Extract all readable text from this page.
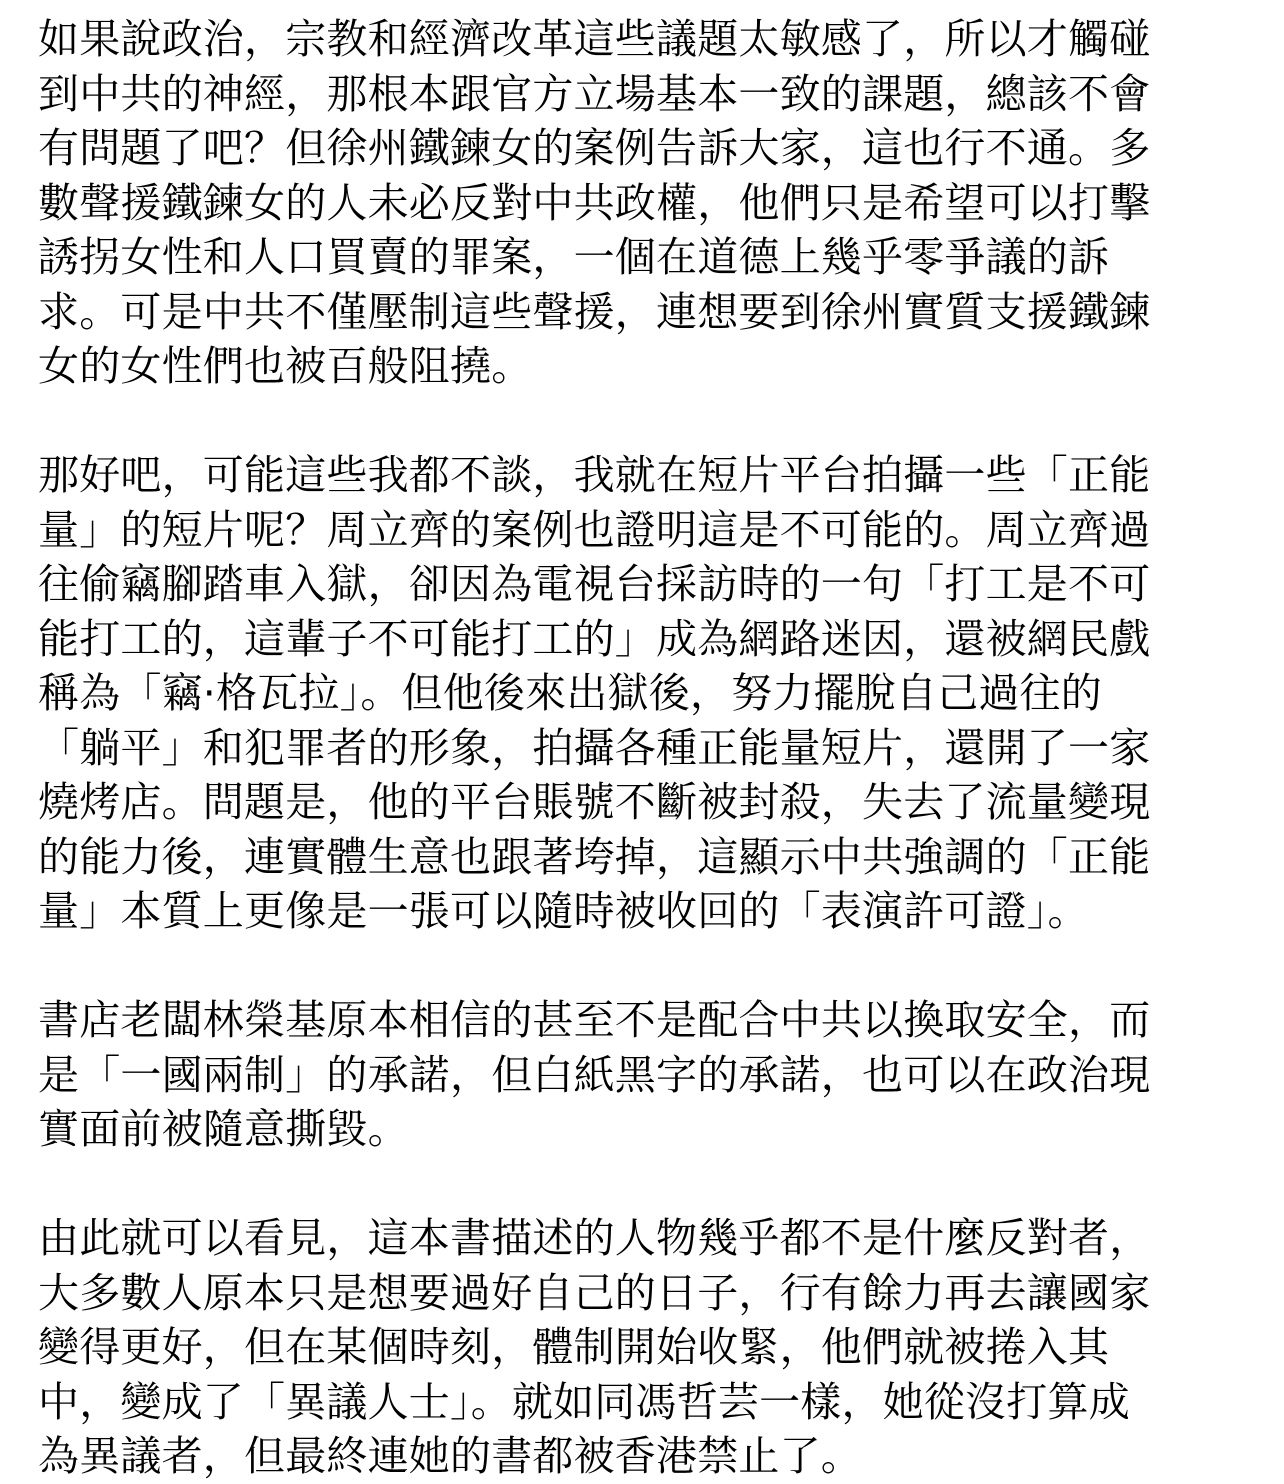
如果說政治，宗教和經濟改革這些議題太敏感了，所以才觸碰
到中共的神經，那根本跟官方立場基本一致的課題，總該不會
有問題了吧？但徐州鐵鍊女的案例告訴大家，這也行不通。多
數聲援鐵鍊女的人未必反對中共政權，他們只是希望可以打擊
誘拐女性和人口買賣的罪案，一個在道德上幾乎零爭議的訴
求。可是中共不僅壓制這些聲援，連想要到徐州實質支援鐵鍊
女的女性們也被百般阻撓。

那好吧，可能這些我都不談，我就在短片平台拍攝一些「正能
量」的短片呢？周立齊的案例也證明這是不可能的。周立齊過
往偷竊腳踏車入獄，卻因為電視台採訪時的一句「打工是不可
能打工的，這輩子不可能打工的」成為網路迷因，還被網民戲
稱為「竊·格瓦拉」。但他後來出獄後，努力擺脫自己過往的
「躺平」和犯罪者的形象，拍攝各種正能量短片，還開了一家
燒烤店。問題是，他的平台賬號不斷被封殺，失去了流量變現
的能力後，連實體生意也跟著垮掉，這顯示中共強調的「正能
量」本質上更像是一張可以隨時被收回的「表演許可證」。

書店老闆林榮基原本相信的甚至不是配合中共以換取安全，而
是「一國兩制」的承諾，但白紙黑字的承諾，也可以在政治現
實面前被隨意撕毀。

由此就可以看見，這本書描述的人物幾乎都不是什麼反對者，
大多數人原本只是想要過好自己的日子，行有餘力再去讓國家
變得更好，但在某個時刻，體制開始收緊，他們就被捲入其
中，變成了「異議人士」。就如同馮哲芸一樣，她從沒打算成
為異議者，但最終連她的書都被香港禁止了。
